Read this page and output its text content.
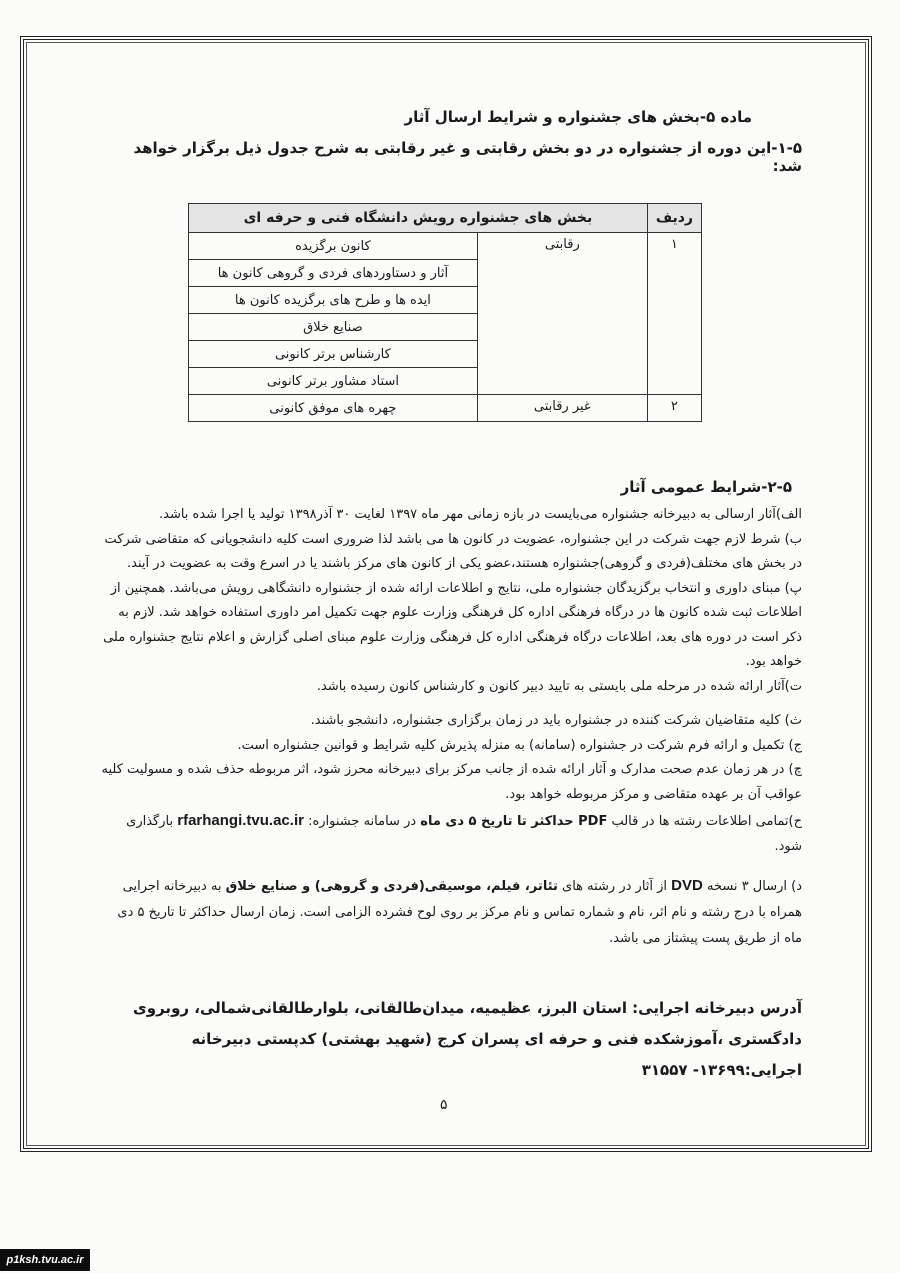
ماده ۵-بخش های جشنواره و شرایط ارسال آثار
۱-۵-این دوره از جشنواره در دو بخش رقابتی و غیر رقابتی به شرح جدول ذیل برگزار خواهد شد:
ردیف	بخش های جشنواره رویش دانشگاه فنی و حرفه ای	
۱	رقابتی	کانون برگزیده
		آثار و دستاوردهای فردی و گروهی کانون ها
		ایده ها و طرح های برگزیده کانون ها
		صنایع خلاق
		کارشناس برتر کانونی
		استاد مشاور برتر کانونی
۲	غیر رقابتی	چهره های موفق کانونی
۲-۵-شرایط عمومی آثار
الف)آثار ارسالی به دبیرخانه جشنواره می‌بایست در بازه زمانی مهر ماه ۱۳۹۷ لغایت ۳۰ آذر۱۳۹۸ تولید یا اجرا شده باشد.
ب) شرط لازم جهت شرکت در این جشنواره، عضویت در کانون ها می باشد لذا ضروری است کلیه دانشجویانی که متقاضی شرکت در بخش های مختلف(فردی و گروهی)جشنواره هستند،عضو یکی از کانون های مرکز باشند یا در اسرع وقت به عضویت در آیند.
پ) مبنای داوری و انتخاب برگزیدگان جشنواره ملی، نتایج و اطلاعات ارائه شده از جشنواره دانشگاهی رویش می‌باشد. همچنین از اطلاعات ثبت شده کانون ها در درگاه فرهنگی اداره کل فرهنگی وزارت علوم جهت تکمیل امر داوری استفاده خواهد شد. لازم به ذکر است در دوره های بعد، اطلاعات درگاه فرهنگی اداره کل فرهنگی وزارت علوم مبنای اصلی گزارش و اعلام نتایج جشنواره ملی خواهد بود.
ت)آثار ارائه شده در مرحله ملی بایستی به تایید دبیر کانون و کارشناس کانون رسیده باشد.
ث) کلیه متقاضیان شرکت کننده در جشنواره باید در زمان برگزاری جشنواره، دانشجو باشند.
ج) تکمیل و ارائه فرم شرکت در جشنواره (سامانه) به منزله پذیرش کلیه شرایط و قوانین جشنواره است.
چ) در هر زمان عدم صحت مدارک و آثار ارائه شده از جانب مرکز برای دبیرخانه محرز شود، اثر مربوطه حذف شده و مسولیت کلیه عواقب آن بر عهده متقاضی و مرکز مربوطه خواهد بود.
ح)تمامی اطلاعات رشته ها در قالب PDF حداکثر تا تاریخ ۵ دی ماه در سامانه جشنواره: rfarhangi.tvu.ac.ir بارگذاری شود.
د) ارسال ۳ نسخه DVD از آثار در رشته های تئاتر، فیلم، موسیقی(فردی و گروهی) و صنایع خلاق به دبیرخانه اجرایی همراه با درج رشته و نام اثر، نام و شماره تماس و نام مرکز بر روی لوح فشرده الزامی است. زمان ارسال حداکثر تا تاریخ ۵ دی ماه از طریق پست پیشتاز می باشد.
آدرس دبیرخانه اجرایی: استان البرز، عظیمیه، میدان‌طالقانی، بلوارطالقانی‌شمالی، روبروی دادگستری ،آموزشکده فنی و حرفه ای پسران کرج (شهید بهشتی) کدپستی دبیرخانه اجرایی:۱۳۶۹۹- ۳۱۵۵۷
۵
p1ksh.tvu.ac.ir
